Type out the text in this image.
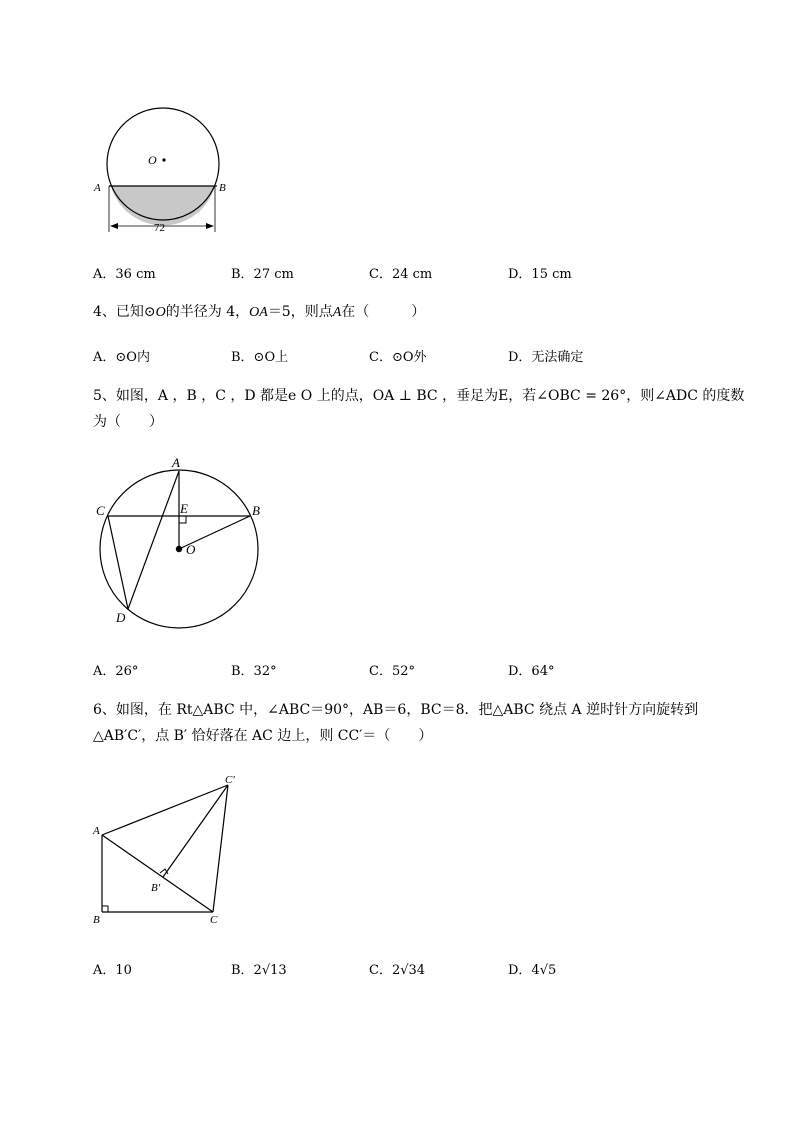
O
A	B
72
A．36 cm	B．27 cm	C．24 cm	D．15 cm
4、已知⊙O的半径为 4，OA＝5，则点A在（　　　）
A．⊙O内	B．⊙O上	C．⊙O外	D．无法确定
5、如图，A ，B ，C ，D 都是e O 上的点，OA ⊥ BC ，垂足为E，若∠OBC = 26°，则∠ADC 的度数
为（　　）
A
C	B
E
O
D
A．26°	B．32°	C．52°	D．64°
6、如图，在 Rt△ABC 中，∠ABC＝90°，AB＝6，BC＝8．把△ABC 绕点 A 逆时针方向旋转到
△AB′C′，点 B′ 恰好落在 AC 边上，则 CC′＝（　　）
A
B	C
B′
C′
A．10	B．2√13	C．2√34	D．4√5
